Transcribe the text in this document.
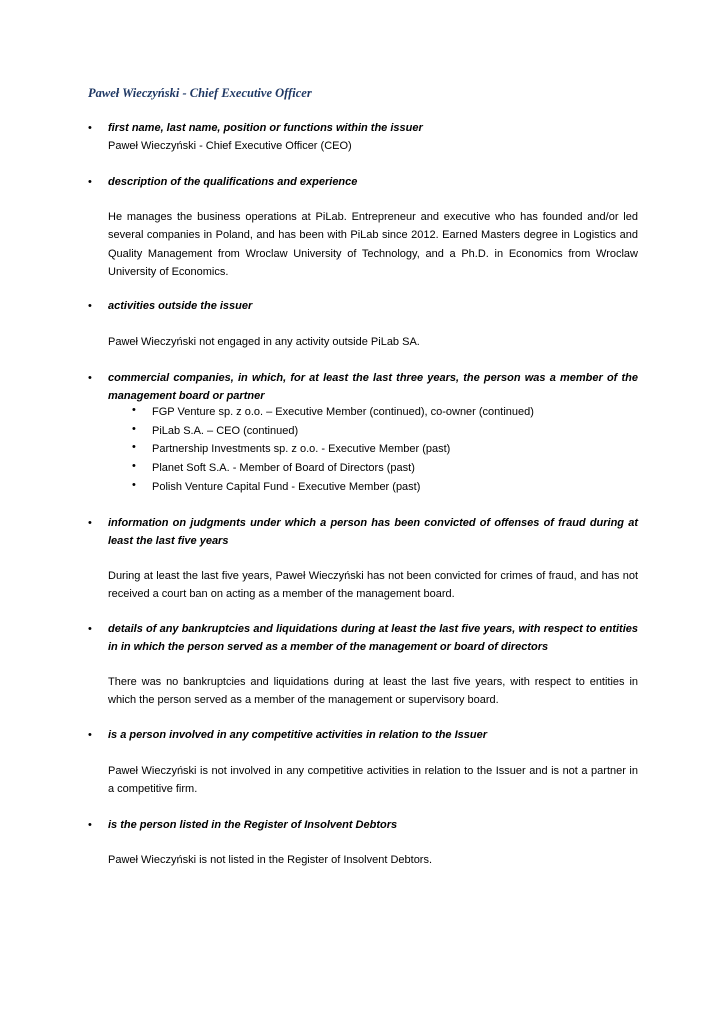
Paweł Wieczyński - Chief Executive Officer
•
first name, last name, position or functions within the issuer
Paweł Wieczyński - Chief Executive Officer (CEO)
•
description of the qualifications and experience
He manages the business operations at PiLab. Entrepreneur and executive who has founded and/or led several companies in Poland, and has been with PiLab since 2012. Earned Masters degree in Logistics and Quality Management from Wroclaw University of Technology, and a Ph.D. in Economics from Wroclaw University of Economics.
•
activities outside the issuer
Paweł Wieczyński not engaged in any activity outside PiLab SA.
•
commercial companies, in which, for at least the last three years, the person was a member of the management board or partner
•
FGP Venture sp. z o.o. – Executive Member (continued), co-owner (continued)
•
PiLab S.A. – CEO (continued)
•
Partnership Investments sp. z o.o. - Executive Member (past)
•
Planet Soft S.A. - Member of Board of Directors (past)
•
Polish Venture Capital Fund - Executive Member (past)
•
information on judgments under which a person has been convicted of offenses of fraud during at least the last five years
During at least the last five years, Paweł Wieczyński has not been convicted for crimes of fraud, and has not received a court ban on acting as a member of the management board.
•
details of any bankruptcies and liquidations during at least the last five years, with respect to entities in in which the person served as a member of the management or board of directors
There was no bankruptcies and liquidations during at least the last five years, with respect to entities in which the person served as a member of the management or supervisory board.
•
is a person involved in any competitive activities in relation to the Issuer
Paweł Wieczyński is not involved in any competitive activities in relation to the Issuer and is not a partner in a competitive firm.
•
is the person listed in the Register of Insolvent Debtors
Paweł Wieczyński is not listed in the Register of Insolvent Debtors.
